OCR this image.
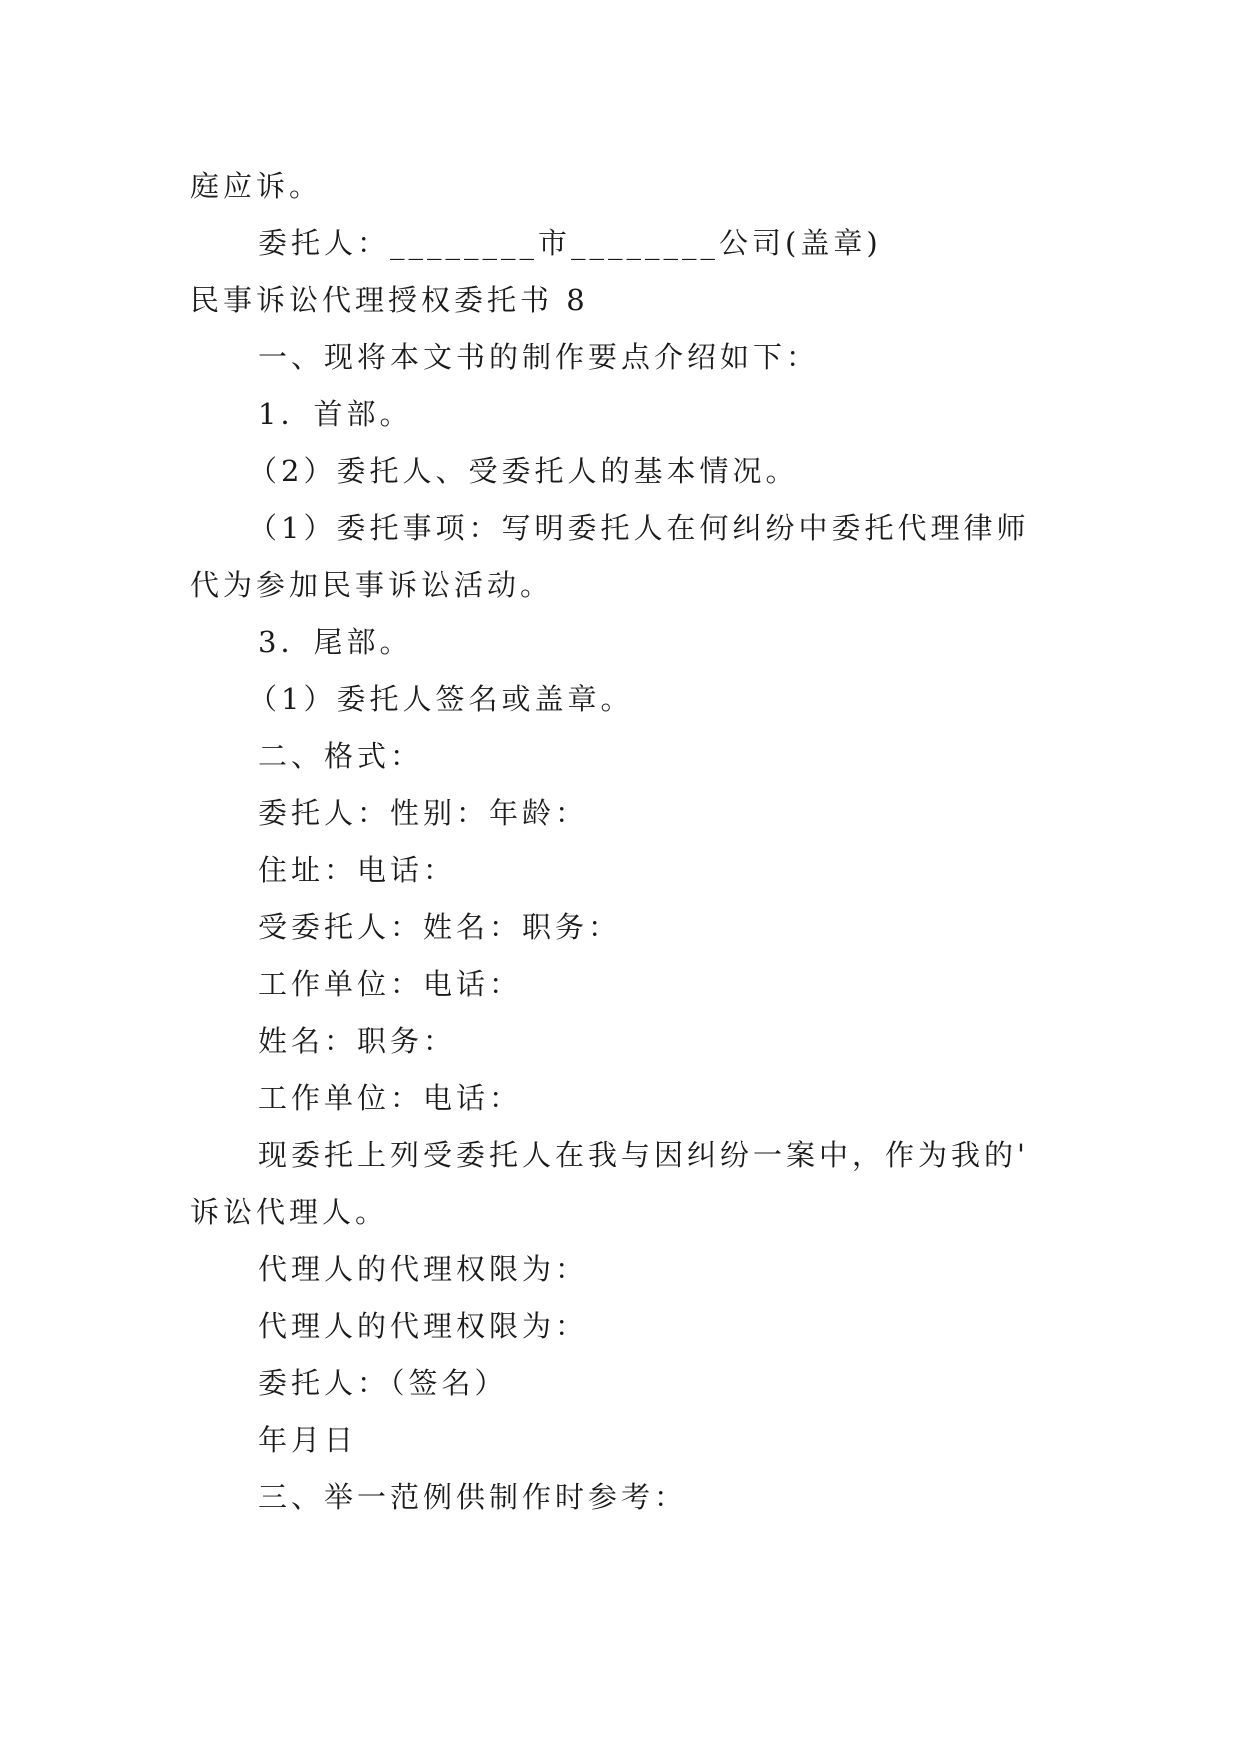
庭应诉。
委托人：________市________公司(盖章)
民事诉讼代理授权委托书 8
一、现将本文书的制作要点介绍如下：
1．首部。
（2）委托人、受委托人的基本情况。
（1）委托事项：写明委托人在何纠纷中委托代理律师
代为参加民事诉讼活动。
3．尾部。
（1）委托人签名或盖章。
二、格式：
委托人：性别：年龄：
住址：电话：
受委托人：姓名：职务：
工作单位：电话：
姓名：职务：
工作单位：电话：
现委托上列受委托人在我与因纠纷一案中，作为我的'
诉讼代理人。
代理人的代理权限为：
代理人的代理权限为：
委托人：（签名）
年月日
三、举一范例供制作时参考：
